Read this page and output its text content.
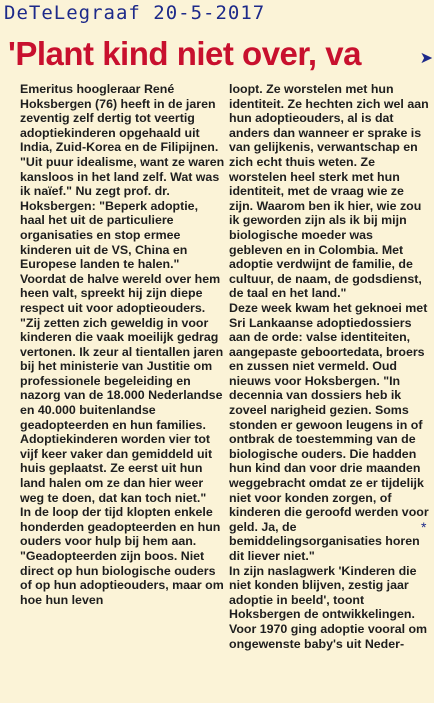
DeTeLegraaf 20-5-2017
'Plant kind niet over, va	➤

Emeritus hoogleraar René Hoksbergen (76) heeft in de jaren zeventig zelf dertig tot veertig adoptiekinderen opgehaald uit India, Zuid-Korea en de Filipijnen. "Uit puur idealisme, want ze waren kansloos in het land zelf. Wat was ik naïef." Nu zegt prof. dr. Hoksbergen: "Beperk adoptie, haal het uit de particuliere organisaties en stop ermee kinderen uit de VS, China en Europese landen te halen."

Voordat de halve wereld over hem heen valt, spreekt hij zijn diepe respect uit voor adoptieouders. "Zij zetten zich geweldig in voor kinderen die vaak moeilijk gedrag vertonen. Ik zeur al tientallen jaren bij het ministerie van Justitie om professionele begeleiding en nazorg van de 18.000 Nederlandse en 40.000 buitenlandse geadopteerden en hun families. Adoptiekinderen worden vier tot vijf keer vaker dan gemiddeld uit huis geplaatst. Ze eerst uit hun land halen om ze dan hier weer weg te doen, dat kan toch niet."

In de loop der tijd klopten enkele honderden geadopteerden en hun ouders voor hulp bij hem aan. "Geadopteerden zijn boos. Niet direct op hun biologische ouders of op hun adoptieouders, maar om hoe hun leven

loopt. Ze worstelen met hun identiteit. Ze hechten zich wel aan hun adoptieouders, al is dat anders dan wanneer er sprake is van gelijkenis, verwantschap en zich echt thuis weten. Ze worstelen heel sterk met hun identiteit, met de vraag wie ze zijn. Waarom ben ik hier, wie zou ik geworden zijn als ik bij mijn biologische moeder was gebleven en in Colombia. Met adoptie verdwijnt de familie, de cultuur, de naam, de godsdienst, de taal en het land."

Deze week kwam het geknoei met Sri Lankaanse adoptiedossiers aan de orde: valse identiteiten, aangepaste geboortedata, broers en zussen niet vermeld. Oud nieuws voor Hoksbergen. "In decennia van dossiers heb ik zoveel narigheid gezien. Soms stonden er gewoon leugens in of ontbrak de toestemming van de biologische ouders. Die hadden hun kind dan voor drie maanden weggebracht omdat ze er tijdelijk niet voor konden zorgen, of kinderen die geroofd werden voor geld. Ja, de bemiddelingsorganisaties horen dit liever niet."

In zijn naslagwerk 'Kinderen die niet konden blijven, zestig jaar adoptie in beeld', toont Hoksbergen de ontwikkelingen. Voor 1970 ging adoptie vooral om ongewenste baby's uit Neder-

*
